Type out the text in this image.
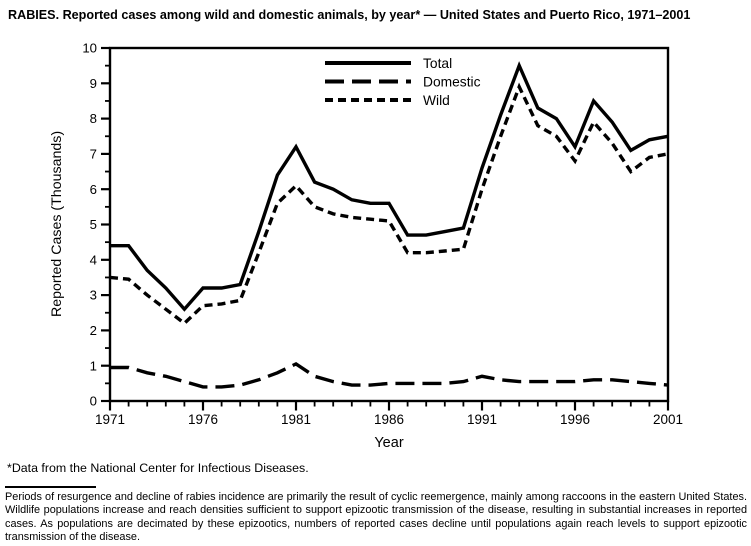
RABIES. Reported cases among wild and domestic animals, by year* — United States and Puerto Rico, 1971–2001
0
1
2
3
4
5
6
7
8
9
10
1971	1976	1981	1986	1991	1996	2001
Reported Cases (Thousands)
Year
Total
Domestic
Wild

*Data from the National Center for Infectious Diseases.

Periods of resurgence and decline of rabies incidence are primarily the result of cyclic reemergence, mainly among raccoons in the eastern United States. Wildlife populations increase and reach densities sufficient to support epizootic transmission of the disease, resulting in substantial increases in reported cases. As populations are decimated by these epizootics, numbers of reported cases decline until populations again reach levels to support epizootic transmission of the disease.
